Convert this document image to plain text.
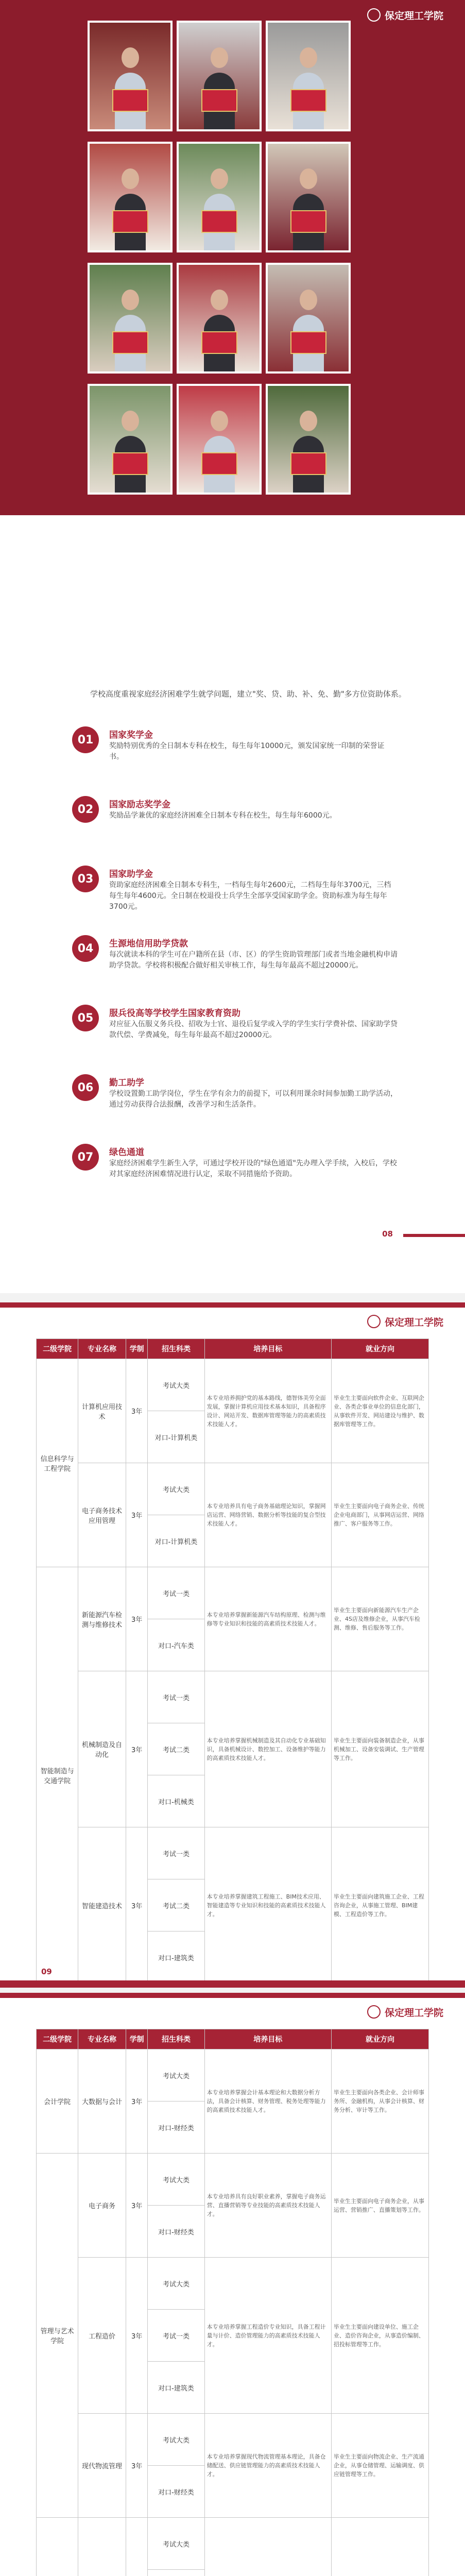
保定理工学院
07
学校高度重视家庭经济困难学生就学问题，建立"奖、贷、助、补、免、勤"多方位资助体系。
01	国家奖学金
奖励特别优秀的全日制本专科在校生，每生每年10000元，颁发国家统一印制的荣誉证书。
02	国家励志奖学金
奖励品学兼优的家庭经济困难全日制本专科在校生，每生每年6000元。
03	国家助学金
资助家庭经济困难全日制本专科生，一档每生每年2600元，二档每生每年3700元，三档每生每年4600元。全日制在校退役士兵学生全部享受国家助学金。资助标准为每生每年3700元。
04	生源地信用助学贷款
每次就读本科的学生可在户籍所在县（市、区）的学生资助管理部门或者当地金融机构申请助学贷款。学校将积极配合做好相关审核工作，每生每年最高不超过20000元。
05	服兵役高等学校学生国家教育资助
对应征入伍服义务兵役、招收为士官、退役后复学或入学的学生实行学费补偿、国家助学贷款代偿、学费减免，每生每年最高不超过20000元。
06	勤工助学
学校设置勤工助学岗位，学生在学有余力的前提下，可以利用课余时间参加勤工助学活动，通过劳动获得合法报酬，改善学习和生活条件。
07	绿色通道
家庭经济困难学生新生入学，可通过学校开设的"绿色通道"先办理入学手续，入校后，学校对其家庭经济困难情况进行认定，采取不同措施给予资助。
08
保定理工学院
二级学院	专业名称	学制	招生科类	培养目标	就业方向
信息科学与工程学院	计算机应用技术	3年	考试大类	本专业培养拥护党的基本路线，德智体美劳全面发展，掌握计算机应用技术基本知识，具备程序设计、网站开发、数据库管理等能力的高素质技术技能人才。	毕业生主要面向软件企业、互联网企业、各类企事业单位的信息化部门，从事软件开发、网站建设与维护、数据库管理等工作。
			对口-计算机类		
	电子商务技术应用管理	3年	考试大类	本专业培养具有电子商务基础理论知识，掌握网店运营、网络营销、数据分析等技能的复合型技术技能人才。	毕业生主要面向电子商务企业、传统企业电商部门，从事网店运营、网络推广、客户服务等工作。
			对口-计算机类		
智能制造与交通学院	新能源汽车检测与维修技术	3年	考试一类	本专业培养掌握新能源汽车结构原理、检测与维修等专业知识和技能的高素质技术技能人才。	毕业生主要面向新能源汽车生产企业、4S店及维修企业，从事汽车检测、维修、售后服务等工作。
			对口-汽车类		
	机械制造及自动化	3年	考试一类	本专业培养掌握机械制造及其自动化专业基础知识，具备机械设计、数控加工、设备维护等能力的高素质技术技能人才。	毕业生主要面向装备制造企业，从事机械加工、设备安装调试、生产管理等工作。
			考试二类		
			对口-机械类		
	智能建造技术	3年	考试一类	本专业培养掌握建筑工程施工、BIM技术应用、智能建造等专业知识和技能的高素质技术技能人才。	毕业生主要面向建筑施工企业、工程咨询企业，从事施工管理、BIM建模、工程造价等工作。
			考试二类		
			对口-建筑类		
09
保定理工学院
二级学院	专业名称	学制	招生科类	培养目标	就业方向
会计学院	大数据与会计	3年	考试大类	本专业培养掌握会计基本理论和大数据分析方法，具备会计核算、财务管理、税务处理等能力的高素质技术技能人才。	毕业生主要面向各类企业、会计师事务所、金融机构，从事会计核算、财务分析、审计等工作。
			对口-财经类		
管理与艺术学院	电子商务	3年	考试大类	本专业培养具有良好职业素养，掌握电子商务运营、直播营销等专业技能的高素质技术技能人才。	毕业生主要面向电子商务企业，从事运营、营销推广、直播策划等工作。
			对口-财经类		
	工程造价	3年	考试大类	本专业培养掌握工程造价专业知识，具备工程计量与计价、造价管理能力的高素质技术技能人才。	毕业生主要面向建设单位、施工企业、造价咨询企业，从事造价编制、招投标管理等工作。
			考试一类		
			对口-建筑类		
	现代物流管理	3年	考试大类	本专业培养掌握现代物流管理基本理论，具备仓储配送、供应链管理能力的高素质技术技能人才。	毕业生主要面向物流企业、生产流通企业，从事仓储管理、运输调度、供应链管理等工作。
			对口-财经类		
			考试大类		
